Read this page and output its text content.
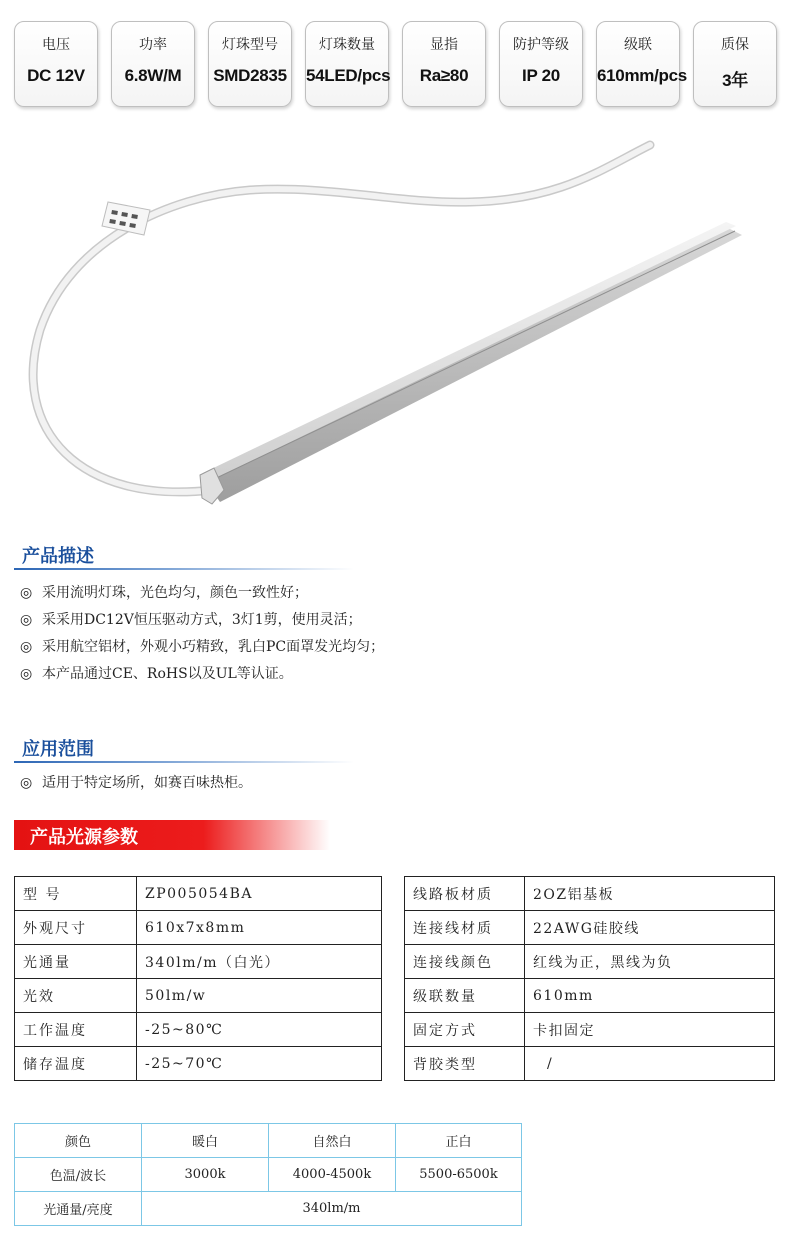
电压
DC 12V
功率
6.8W/M
灯珠型号
SMD2835
灯珠数量
54LED/pcs
显指
Ra≥80
防护等级
IP 20
级联
610mm/pcs
质保
3年
产品描述
◎ 采用流明灯珠，光色均匀，颜色一致性好；
◎ 采采用DC12V恒压驱动方式，3灯1剪，使用灵活；
◎ 采用航空铝材，外观小巧精致，乳白PC面罩发光均匀；
◎ 本产品通过CE、RoHS以及UL等认证。
应用范围
◎ 适用于特定场所，如赛百味热柜。
产品光源参数
型 号	ZP005054BA
外观尺寸	610x7x8mm
光通量	340lm/m（白光）
光效	50lm/w
工作温度	-25~80℃
储存温度	-25~70℃
线路板材质	2OZ铝基板
连接线材质	22AWG硅胶线
连接线颜色	红线为正，黑线为负
级联数量	610mm
固定方式	卡扣固定
背胶类型	/
颜色	暖白	自然白	正白
色温/波长	3000k	4000-4500k	5500-6500k
光通量/亮度	340lm/m		
